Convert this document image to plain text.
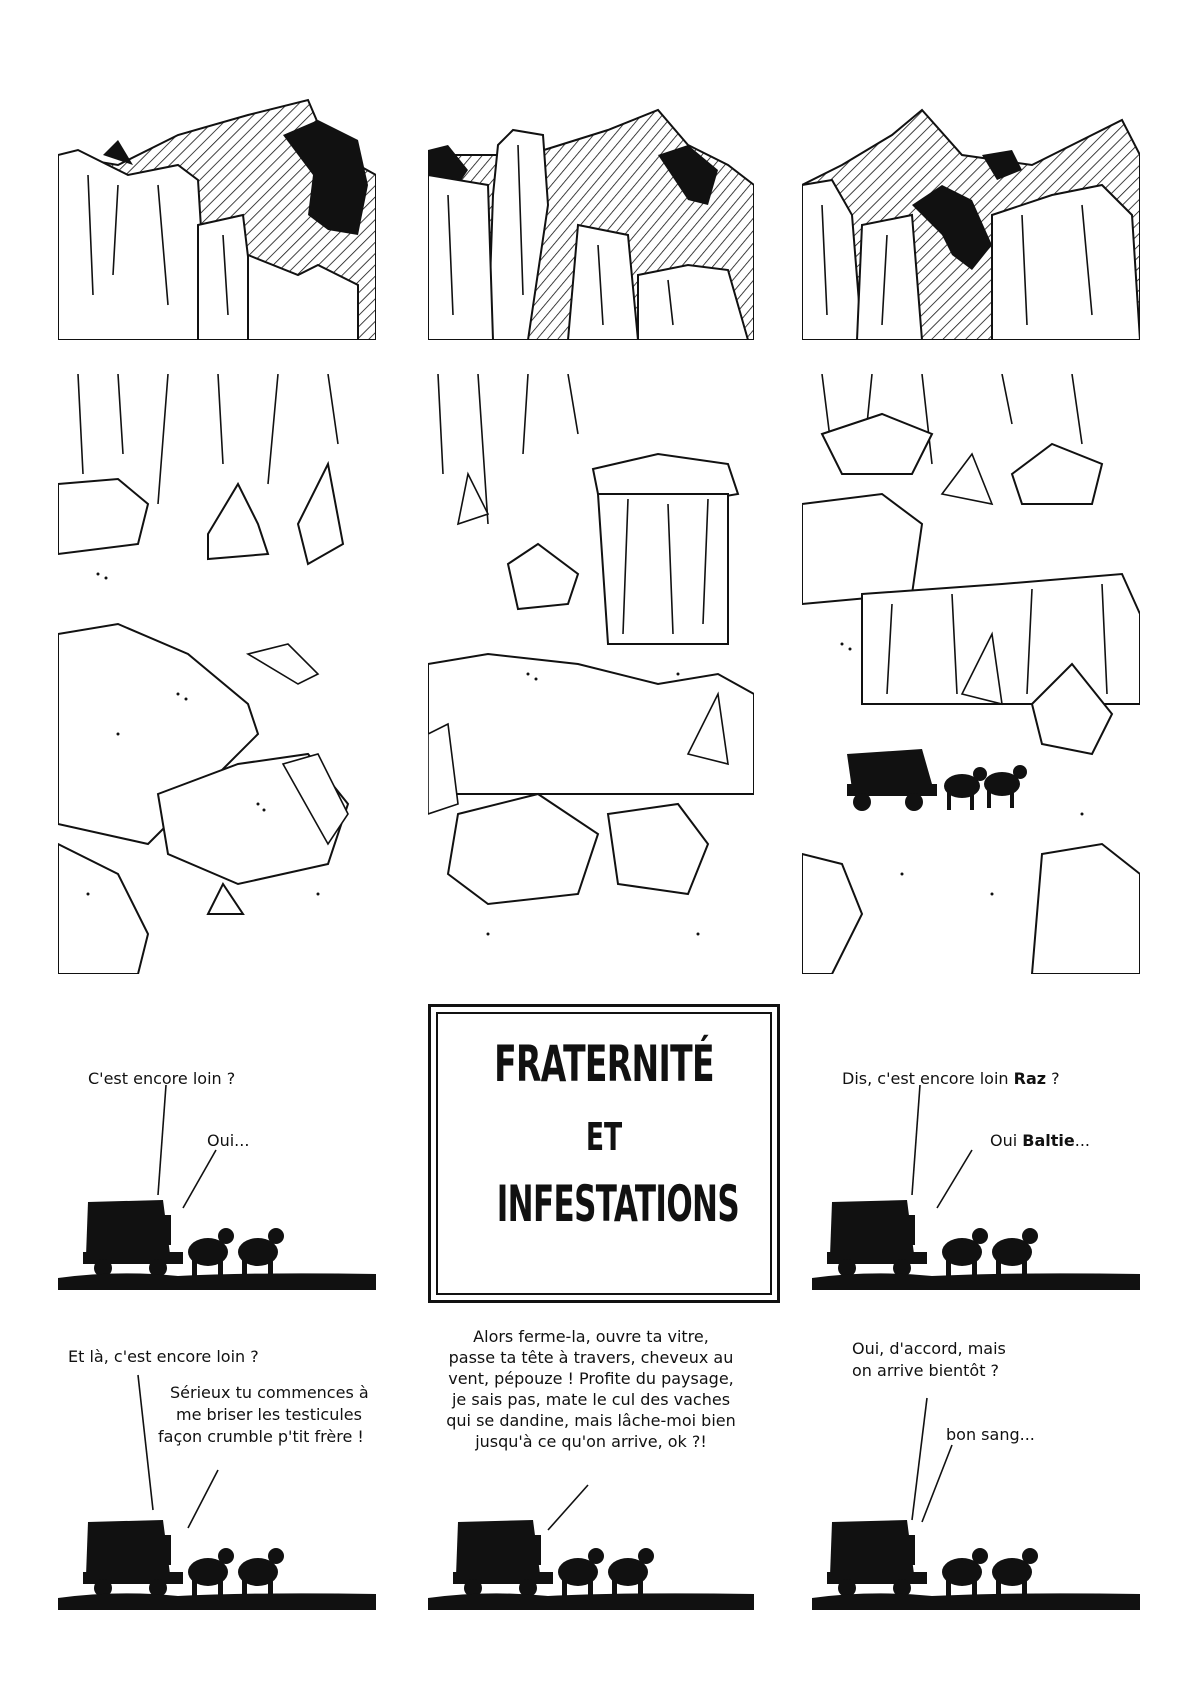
FRATERNITÉ
ET
INFESTATIONS
C'est encore loin ?
Oui...
Dis, c'est encore loin Raz ?
Oui Baltie...
Et là, c'est encore loin ?
Sérieux tu commences à
me briser les testicules
façon crumble p'tit frère !
Alors ferme-la, ouvre ta vitre,
passe ta tête à travers, cheveux au
vent, pépouze ! Profite du paysage,
je sais pas, mate le cul des vaches
qui se dandine, mais lâche-moi bien
jusqu'à ce qu'on arrive, ok ?!
Oui, d'accord, mais
on arrive bientôt ?
bon sang...
